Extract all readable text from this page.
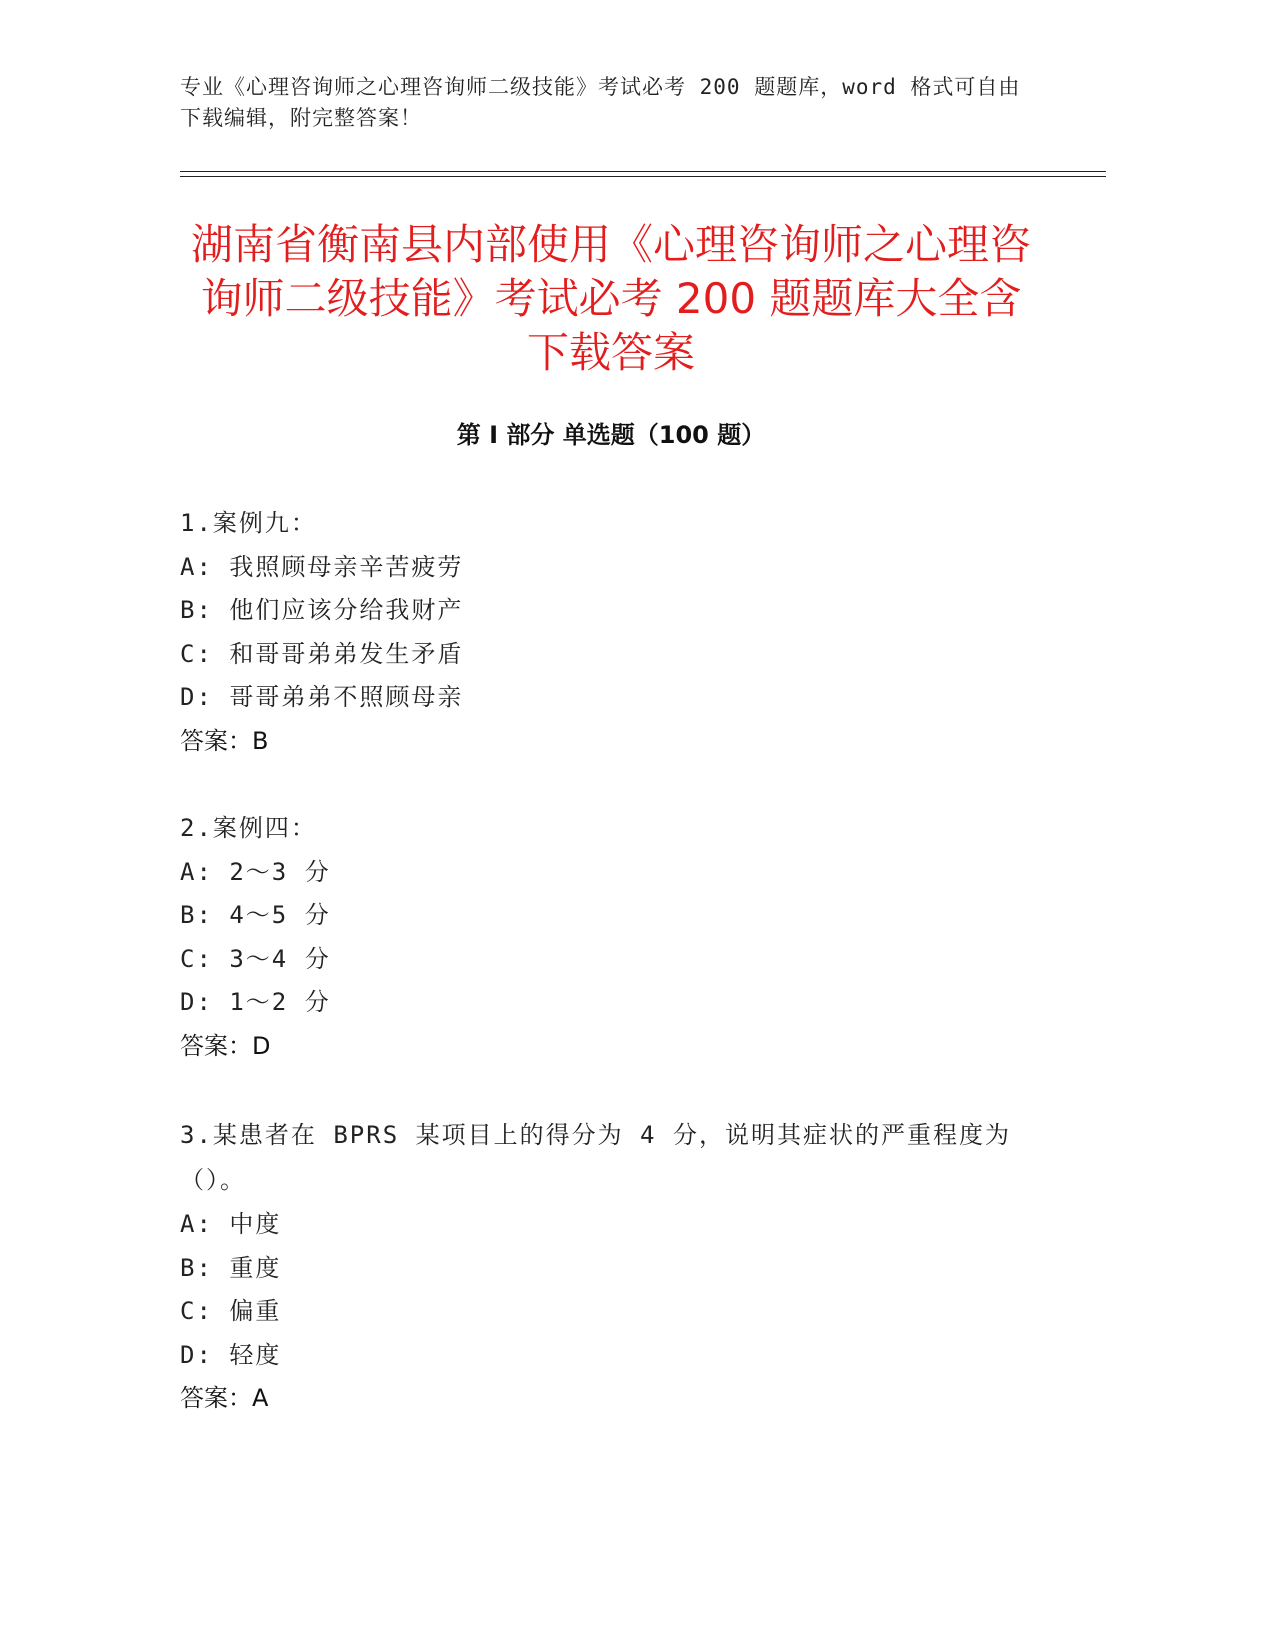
专业《心理咨询师之心理咨询师二级技能》考试必考 200 题题库，word 格式可自由下载编辑，附完整答案！
湖南省衡南县内部使用《心理咨询师之心理咨询师二级技能》考试必考 200 题题库大全含下载答案
第 I 部分 单选题（100 题）
1.案例九：
A: 我照顾母亲辛苦疲劳
B: 他们应该分给我财产
C: 和哥哥弟弟发生矛盾
D: 哥哥弟弟不照顾母亲
答案：B
2.案例四：
A: 2～3 分
B: 4～5 分
C: 3～4 分
D: 1～2 分
答案：D
3.某患者在 BPRS 某项目上的得分为 4 分，说明其症状的严重程度为（）。
A: 中度
B: 重度
C: 偏重
D: 轻度
答案：A
